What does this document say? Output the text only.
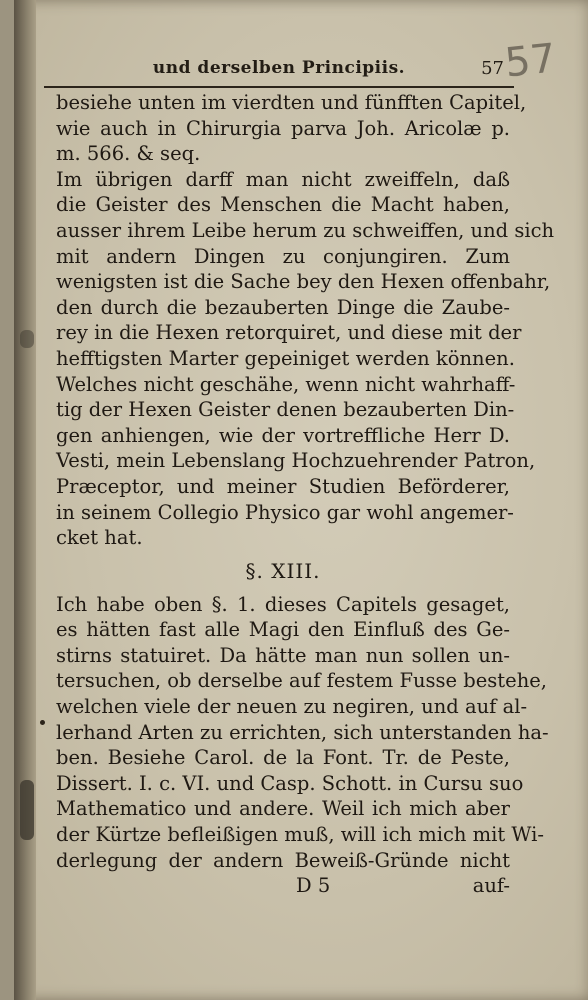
und derselben Principiis.	57
57
besiehe unten im vierdten und fünfften Capitel,
wie auch in Chirurgia parva Joh. Aricolæ p.
m. 566. & seq.
Im übrigen darff man nicht zweiffeln, daß
die Geister des Menschen die Macht haben,
ausser ihrem Leibe herum zu schweiffen, und sich
mit andern Dingen zu conjungiren. Zum
wenigsten ist die Sache bey den Hexen offenbahr,
den durch die bezauberten Dinge die Zaube-
rey in die Hexen retorquiret, und diese mit der
hefftigsten Marter gepeiniget werden können.
Welches nicht geschähe, wenn nicht wahrhaff-
tig der Hexen Geister denen bezauberten Din-
gen anhiengen, wie der vortreffliche Herr D.
Vesti, mein Lebenslang Hochzuehrender Patron,
Præceptor, und meiner Studien Beförderer,
in seinem Collegio Physico gar wohl angemer-
cket hat.
§. XIII.
Ich habe oben §. 1. dieses Capitels gesaget,
es hätten fast alle Magi den Einfluß des Ge-
stirns statuiret. Da hätte man nun sollen un-
tersuchen, ob derselbe auf festem Fusse bestehe,
welchen viele der neuen zu negiren, und auf al-
lerhand Arten zu errichten, sich unterstanden ha-
ben. Besiehe Carol. de la Font. Tr. de Peste,
Dissert. I. c. VI. und Casp. Schott. in Cursu suo
Mathematico und andere. Weil ich mich aber
der Kürtze befleißigen muß, will ich mich mit Wi-
derlegung der andern Beweiß-Gründe nicht
D 5	auf-
